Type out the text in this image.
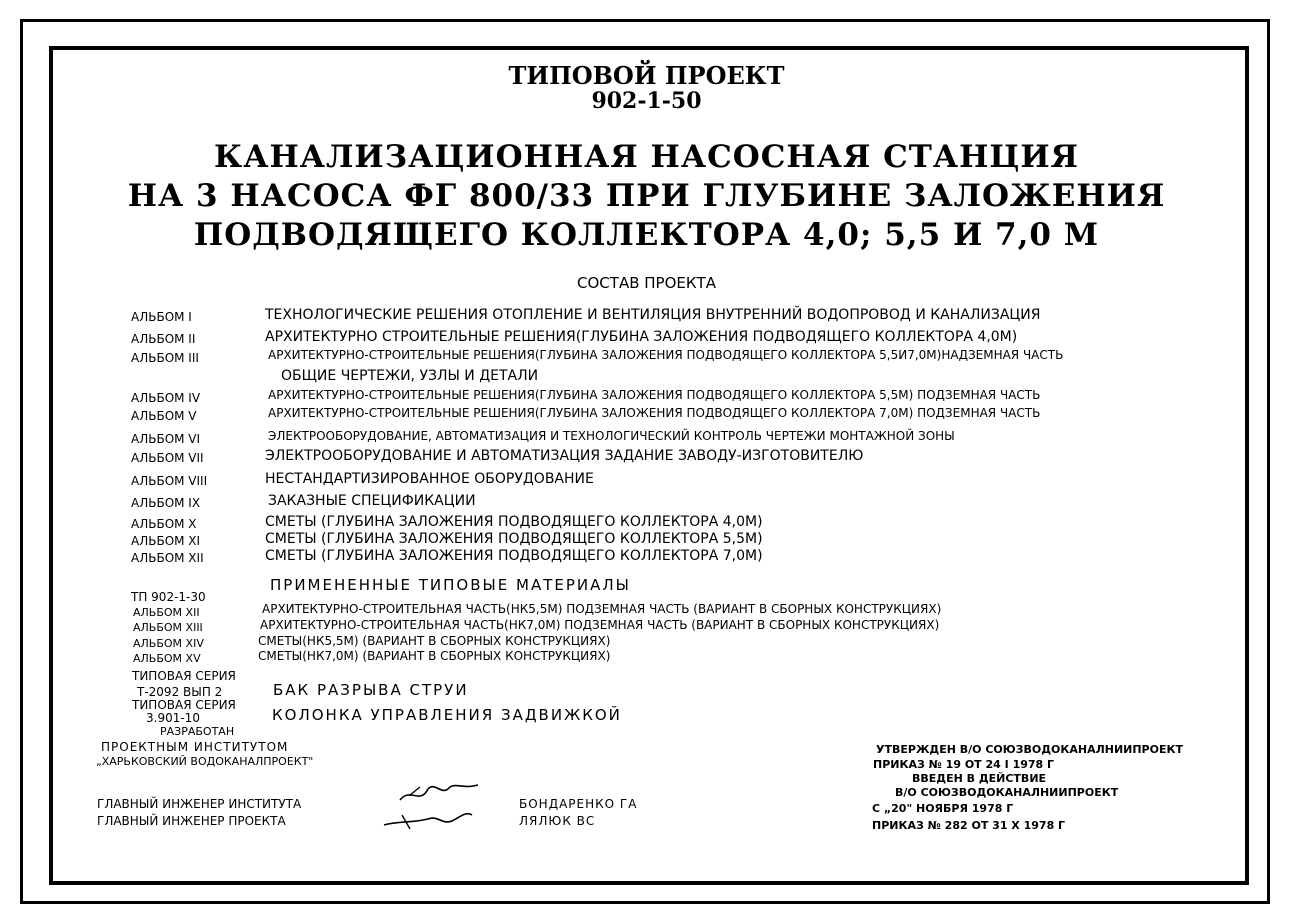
ТИПОВОЙ ПРОЕКТ
902-1-50
КАНАЛИЗАЦИОННАЯ НАСОСНАЯ СТАНЦИЯ
НА 3 НАСОСА ФГ 800/33 ПРИ ГЛУБИНЕ ЗАЛОЖЕНИЯ
ПОДВОДЯЩЕГО КОЛЛЕКТОРА 4,0; 5,5 И 7,0 М
СОСТАВ ПРОЕКТА
АЛЬБОМ I	ТЕХНОЛОГИЧЕСКИЕ РЕШЕНИЯ ОТОПЛЕНИЕ И ВЕНТИЛЯЦИЯ ВНУТРЕННИЙ ВОДОПРОВОД И КАНАЛИЗАЦИЯ
АЛЬБОМ II	АРХИТЕКТУРНО СТРОИТЕЛЬНЫЕ РЕШЕНИЯ(ГЛУБИНА ЗАЛОЖЕНИЯ ПОДВОДЯЩЕГО КОЛЛЕКТОРА 4,0М)
АЛЬБОМ III	АРХИТЕКТУРНО-СТРОИТЕЛЬНЫЕ РЕШЕНИЯ(ГЛУБИНА ЗАЛОЖЕНИЯ ПОДВОДЯЩЕГО КОЛЛЕКТОРА 5,5И7,0М)НАДЗЕМНАЯ ЧАСТЬ
ОБЩИЕ ЧЕРТЕЖИ, УЗЛЫ И ДЕТАЛИ
АЛЬБОМ IV	АРХИТЕКТУРНО-СТРОИТЕЛЬНЫЕ РЕШЕНИЯ(ГЛУБИНА ЗАЛОЖЕНИЯ ПОДВОДЯЩЕГО КОЛЛЕКТОРА 5,5М) ПОДЗЕМНАЯ ЧАСТЬ
АЛЬБОМ V	АРХИТЕКТУРНО-СТРОИТЕЛЬНЫЕ РЕШЕНИЯ(ГЛУБИНА ЗАЛОЖЕНИЯ ПОДВОДЯЩЕГО КОЛЛЕКТОРА 7,0М) ПОДЗЕМНАЯ ЧАСТЬ
АЛЬБОМ VI	ЭЛЕКТРООБОРУДОВАНИЕ, АВТОМАТИЗАЦИЯ И ТЕХНОЛОГИЧЕСКИЙ КОНТРОЛЬ ЧЕРТЕЖИ МОНТАЖНОЙ ЗОНЫ
АЛЬБОМ VII	ЭЛЕКТРООБОРУДОВАНИЕ И АВТОМАТИЗАЦИЯ ЗАДАНИЕ ЗАВОДУ-ИЗГОТОВИТЕЛЮ
АЛЬБОМ VIII	НЕСТАНДАРТИЗИРОВАННОЕ ОБОРУДОВАНИЕ
АЛЬБОМ IX	ЗАКАЗНЫЕ СПЕЦИФИКАЦИИ
АЛЬБОМ X	СМЕТЫ (ГЛУБИНА ЗАЛОЖЕНИЯ ПОДВОДЯЩЕГО КОЛЛЕКТОРА 4,0М)
АЛЬБОМ XI	СМЕТЫ (ГЛУБИНА ЗАЛОЖЕНИЯ ПОДВОДЯЩЕГО КОЛЛЕКТОРА 5,5М)
АЛЬБОМ XII	СМЕТЫ (ГЛУБИНА ЗАЛОЖЕНИЯ ПОДВОДЯЩЕГО КОЛЛЕКТОРА 7,0М)
ПРИМЕНЕННЫЕ ТИПОВЫЕ МАТЕРИАЛЫ
ТП 902-1-30
АЛЬБОМ XII	АРХИТЕКТУРНО-СТРОИТЕЛЬНАЯ ЧАСТЬ(НК5,5М) ПОДЗЕМНАЯ ЧАСТЬ (ВАРИАНТ В СБОРНЫХ КОНСТРУКЦИЯХ)
АЛЬБОМ XIII	АРХИТЕКТУРНО-СТРОИТЕЛЬНАЯ ЧАСТЬ(НК7,0М) ПОДЗЕМНАЯ ЧАСТЬ (ВАРИАНТ В СБОРНЫХ КОНСТРУКЦИЯХ)
АЛЬБОМ XIV	СМЕТЫ(НК5,5М) (ВАРИАНТ В СБОРНЫХ КОНСТРУКЦИЯХ)
АЛЬБОМ XV	СМЕТЫ(НК7,0М) (ВАРИАНТ В СБОРНЫХ КОНСТРУКЦИЯХ)
ТИПОВАЯ СЕРИЯ
Т-2092 ВЫП 2	БАК РАЗРЫВА СТРУИ
ТИПОВАЯ СЕРИЯ
3.901-10	КОЛОНКА УПРАВЛЕНИЯ ЗАДВИЖКОЙ
РАЗРАБОТАН
ПРОЕКТНЫМ ИНСТИТУТОМ
„ХАРЬКОВСКИЙ ВОДОКАНАЛПРОЕКТ"
ГЛАВНЫЙ ИНЖЕНЕР ИНСТИТУТА
ГЛАВНЫЙ ИНЖЕНЕР ПРОЕКТА
БОНДАРЕНКО ГА
ЛЯЛЮК ВС
УТВЕРЖДЕН В/О СОЮЗВОДОКАНАЛНИИПРОЕКТ
ПРИКАЗ № 19 ОТ 24 I 1978 Г
ВВЕДЕН В ДЕЙСТВИЕ
В/О СОЮЗВОДОКАНАЛНИИПРОЕКТ
С „20" НОЯБРЯ 1978 Г
ПРИКАЗ № 282 ОТ 31 X 1978 Г
